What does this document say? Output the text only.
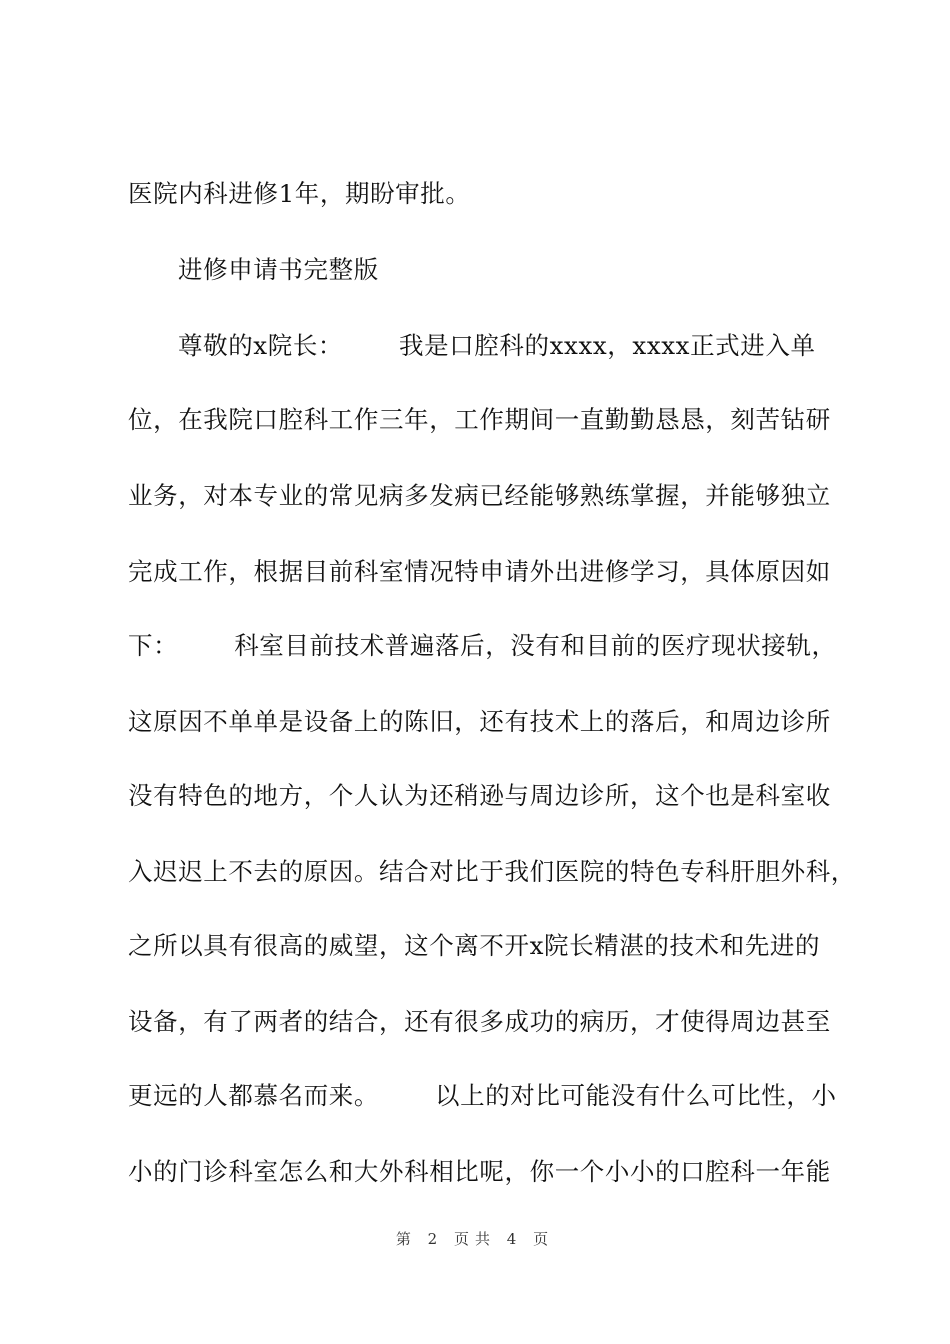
医院内科进修1年，期盼审批。
进修申请书完整版
尊敬的x院长： 我是口腔科的xxxx，xxxx正式进入单
位，在我院口腔科工作三年，工作期间一直勤勤恳恳，刻苦钻研
业务，对本专业的常见病多发病已经能够熟练掌握，并能够独立
完成工作，根据目前科室情况特申请外出进修学习，具体原因如
下： 科室目前技术普遍落后，没有和目前的医疗现状接轨，
这原因不单单是设备上的陈旧，还有技术上的落后，和周边诊所
没有特色的地方，个人认为还稍逊与周边诊所，这个也是科室收
入迟迟上不去的原因。结合对比于我们医院的特色专科肝胆外科，
之所以具有很高的威望，这个离不开x院长精湛的技术和先进的
设备，有了两者的结合，还有很多成功的病历，才使得周边甚至
更远的人都慕名而来。 以上的对比可能没有什么可比性，小
小的门诊科室怎么和大外科相比呢，你一个小小的口腔科一年能
第 2 页共 4 页
